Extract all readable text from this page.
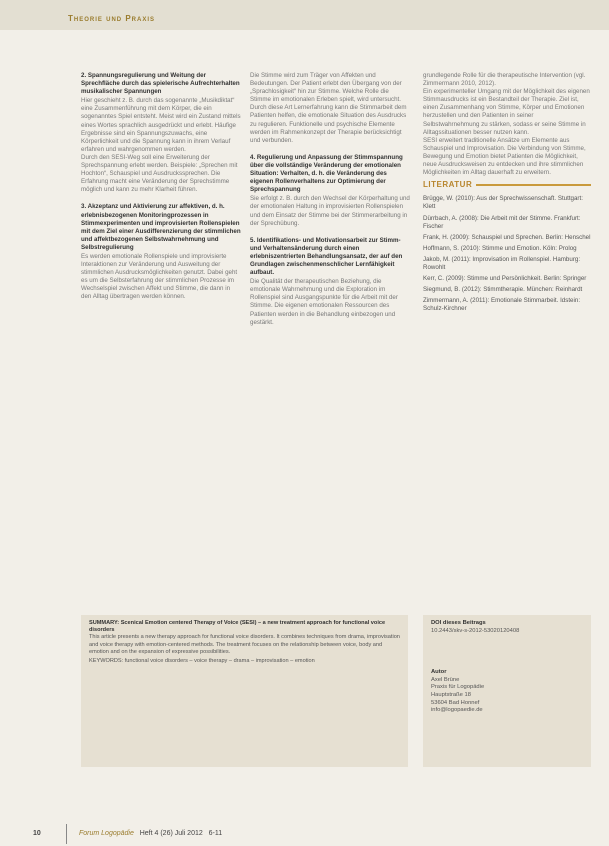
Theorie und Praxis
2. Spannungsregulierung und Weitung der Sprechfläche durch das spielerische Aufrechterhalten musikalischer Spannungen
Hier geschieht z. B. durch das sogenannte „Musikdiktat“ eine Zusammenführung mit dem Körper, die ein sogenanntes Spiel entsteht. Meist wird ein Zustand mittels eines Wortes sprachlich ausgedrückt und erlebt. Häufige Ergebnisse sind ein Spannungszuwachs, eine Körperlichkeit und die Spannung kann in ihrem Verlauf erfahren und wahrgenommen werden.
Durch den SESI-Weg soll eine Erweiterung der Sprechspannung erlebt werden. Beispiele: „Sprechen mit Hochton“, Schauspiel und Ausdruckssprechen. Die Erfahrung macht eine Veränderung der Sprechstimme möglich und kann zu mehr Klarheit führen.
3. Akzeptanz und Aktivierung zur affektiven, d. h. erlebnisbezogenen Monitoringprozessen in Stimmexperimenten und improvisierten Rollenspielen mit dem Ziel einer Ausdifferenzierung der stimmlichen und affektbezogenen Selbstwahrnehmung und Selbstregulierung
Es werden emotionale Rollenspiele und improvisierte Interaktionen zur Veränderung und Ausweitung der stimmlichen Ausdrucksmöglichkeiten genutzt. Dabei geht es um die Selbsterfahrung der stimmlichen Prozesse im Wechselspiel zwischen Affekt und Stimme, die dann in den Alltag übertragen werden können.
Die Stimme wird zum Träger von Affekten und Bedeutungen. Der Patient erlebt den Übergang von der „Sprachlosigkeit“ hin zur Stimme. Welche Rolle die Stimme im emotionalen Erleben spielt, wird untersucht.
Durch diese Art Lernerfahrung kann die Stimmarbeit dem Patienten helfen, die emotionale Situation des Ausdrucks zu regulieren. Funktionelle und psychische Elemente werden im Rahmenkonzept der Therapie berücksichtigt und verbunden.
4. Regulierung und Anpassung der Stimmspannung über die vollständige Veränderung der emotionalen Situation: Verhalten, d. h. die Veränderung des eigenen Rollenverhaltens zur Optimierung der Sprechspannung
Sie erfolgt z. B. durch den Wechsel der Körperhaltung und der emotionalen Haltung in improvisierten Rollenspielen und dem Einsatz der Stimme bei der Stimmerarbeitung in der Sprechübung.
5. Identifikations- und Motivationsarbeit zur Stimm- und Verhaltensänderung durch einen erlebniszentrierten Behandlungsansatz, der auf den Grundlagen zwischenmenschlicher Lernfähigkeit aufbaut.
Die Qualität der therapeutischen Beziehung, die emotionale Wahrnehmung und die Exploration im Rollenspiel sind Ausgangspunkte für die Arbeit mit der Stimme. Die eigenen emotionalen Ressourcen des Patienten werden in die Behandlung einbezogen und gestärkt.
grundlegende Rolle für die therapeutische Intervention (vgl. Zimmermann 2010, 2012).
Ein experimenteller Umgang mit der Möglichkeit des eigenen Stimmausdrucks ist ein Bestandteil der Therapie. Ziel ist, einen Zusammenhang von Stimme, Körper und Emotionen herzustellen und den Patienten in seiner Selbstwahrnehmung zu stärken, sodass er seine Stimme in Alltagssituationen besser nutzen kann.
SESI erweitert traditionelle Ansätze um Elemente aus Schauspiel und Improvisation. Die Verbindung von Stimme, Bewegung und Emotion bietet Patienten die Möglichkeit, neue Ausdrucksweisen zu entdecken und ihre stimmlichen Möglichkeiten im Alltag dauerhaft zu erweitern.
LITERATUR
Brügge, W. (2010): Aus der Sprechwissenschaft. Stuttgart: Klett
Dürrbach, A. (2008): Die Arbeit mit der Stimme. Frankfurt: Fischer
Frank, H. (2009): Schauspiel und Sprechen. Berlin: Henschel
Hoffmann, S. (2010): Stimme und Emotion. Köln: Prolog
Jakob, M. (2011): Improvisation im Rollenspiel. Hamburg: Rowohlt
Kerr, C. (2009): Stimme und Persönlichkeit. Berlin: Springer
Siegmund, B. (2012): Stimmtherapie. München: Reinhardt
Zimmermann, A. (2011): Emotionale Stimmarbeit. Idstein: Schulz-Kirchner
SUMMARY: Scenical Emotion centered Therapy of Voice (SESI) – a new treatment approach for functional voice disorders
This article presents a new therapy approach for functional voice disorders. It combines techniques from drama, improvisation and voice therapy with emotion-centered methods. The treatment focuses on the relationship between voice, body and emotion and on the expansion of expressive possibilities.
KEYWORDS: functional voice disorders – voice therapy – drama – improvisation – emotion
DOI dieses Beitrags
10.2443/skv-s-2012-53020120408
Autor
Axel Brüne
Praxis für Logopädie
Hauptstraße 18
53604 Bad Honnef
info@logopaedie.de
10	Forum Logopädie Heft 4 (26) Juli 2012 6-11
